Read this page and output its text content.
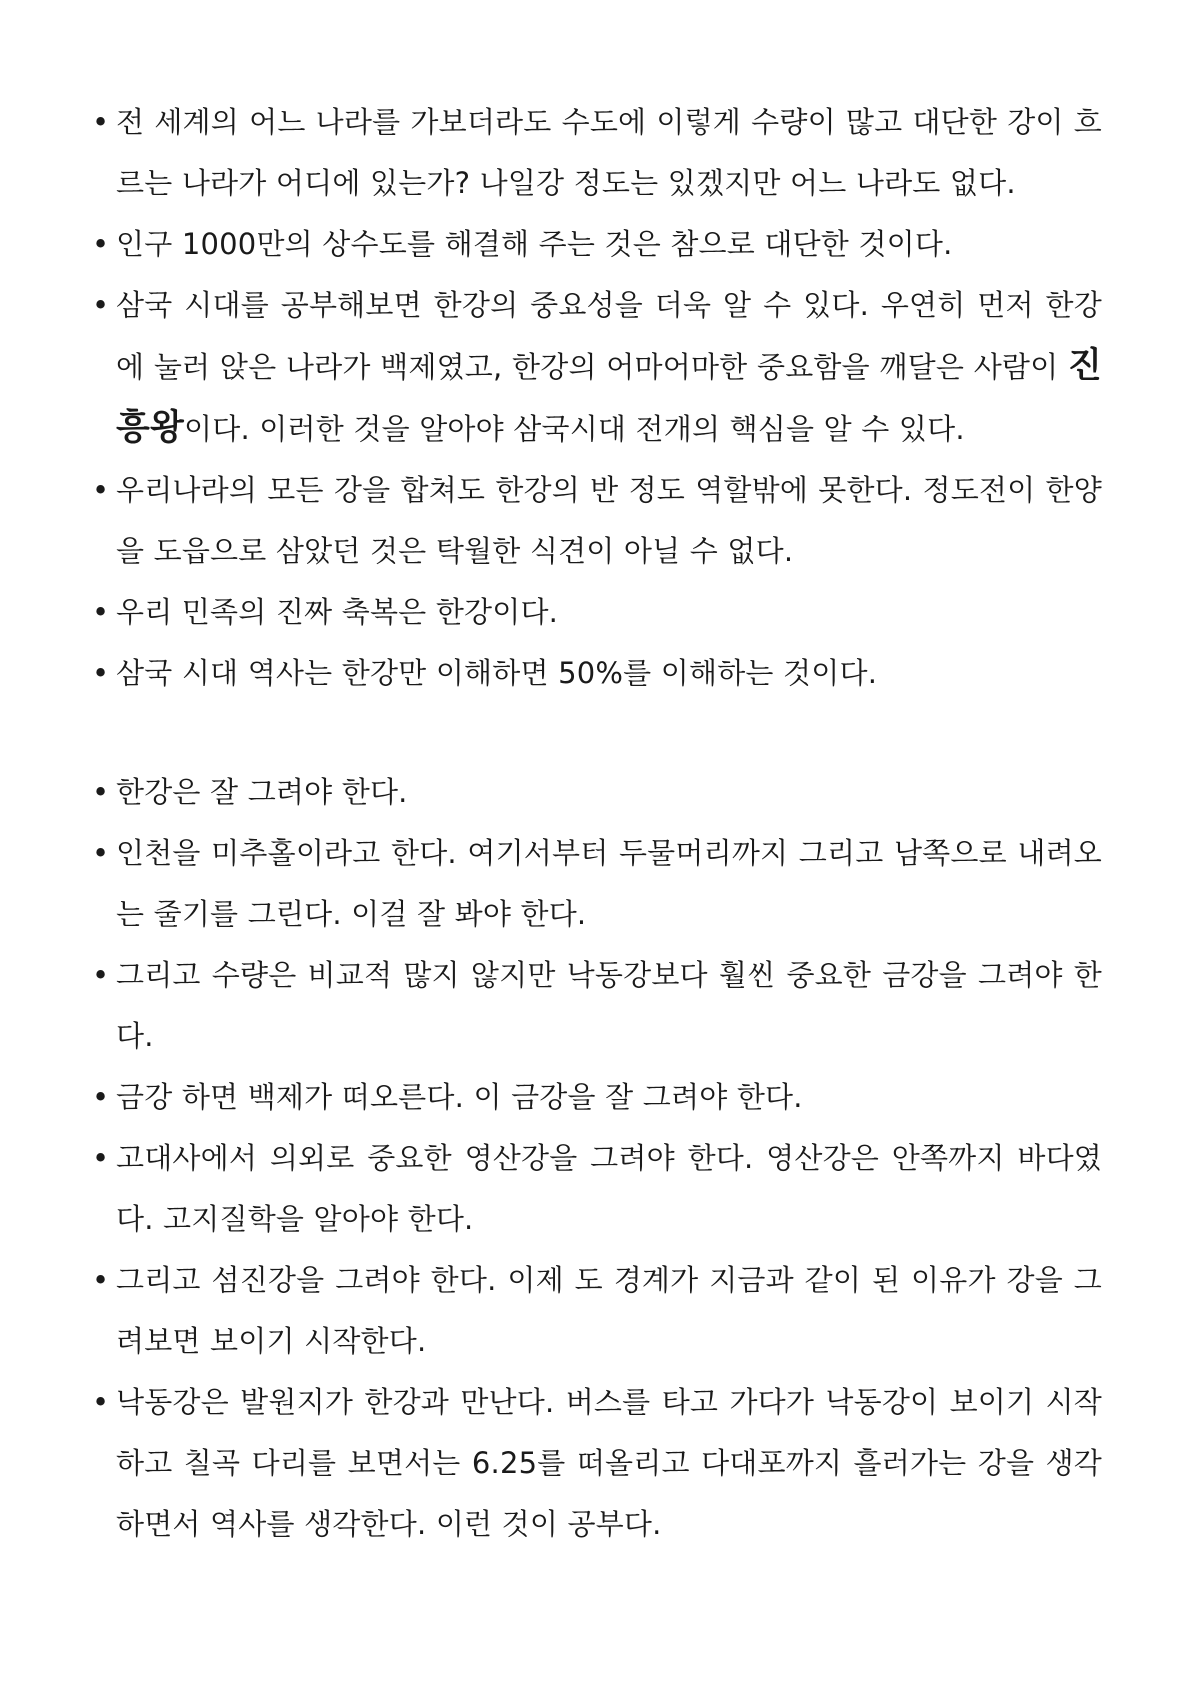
• 전 세계의 어느 나라를 가보더라도 수도에 이렇게 수량이 많고 대단한 강이 흐르는 나라가 어디에 있는가? 나일강 정도는 있겠지만 어느 나라도 없다.
• 인구 1000만의 상수도를 해결해 주는 것은 참으로 대단한 것이다.
• 삼국 시대를 공부해보면 한강의 중요성을 더욱 알 수 있다. 우연히 먼저 한강에 눌러 앉은 나라가 백제였고, 한강의 어마어마한 중요함을 깨달은 사람이 진흥왕이다. 이러한 것을 알아야 삼국시대 전개의 핵심을 알 수 있다.
• 우리나라의 모든 강을 합쳐도 한강의 반 정도 역할밖에 못한다. 정도전이 한양을 도읍으로 삼았던 것은 탁월한 식견이 아닐 수 없다.
• 우리 민족의 진짜 축복은 한강이다.
• 삼국 시대 역사는 한강만 이해하면 50%를 이해하는 것이다.
• 한강은 잘 그려야 한다.
• 인천을 미추홀이라고 한다. 여기서부터 두물머리까지 그리고 남쪽으로 내려오는 줄기를 그린다. 이걸 잘 봐야 한다.
• 그리고 수량은 비교적 많지 않지만 낙동강보다 훨씬 중요한 금강을 그려야 한다.
• 금강 하면 백제가 떠오른다. 이 금강을 잘 그려야 한다.
• 고대사에서 의외로 중요한 영산강을 그려야 한다. 영산강은 안쪽까지 바다였다. 고지질학을 알아야 한다.
• 그리고 섬진강을 그려야 한다. 이제 도 경계가 지금과 같이 된 이유가 강을 그려보면 보이기 시작한다.
• 낙동강은 발원지가 한강과 만난다. 버스를 타고 가다가 낙동강이 보이기 시작하고 칠곡 다리를 보면서는 6.25를 떠올리고 다대포까지 흘러가는 강을 생각하면서 역사를 생각한다. 이런 것이 공부다.
